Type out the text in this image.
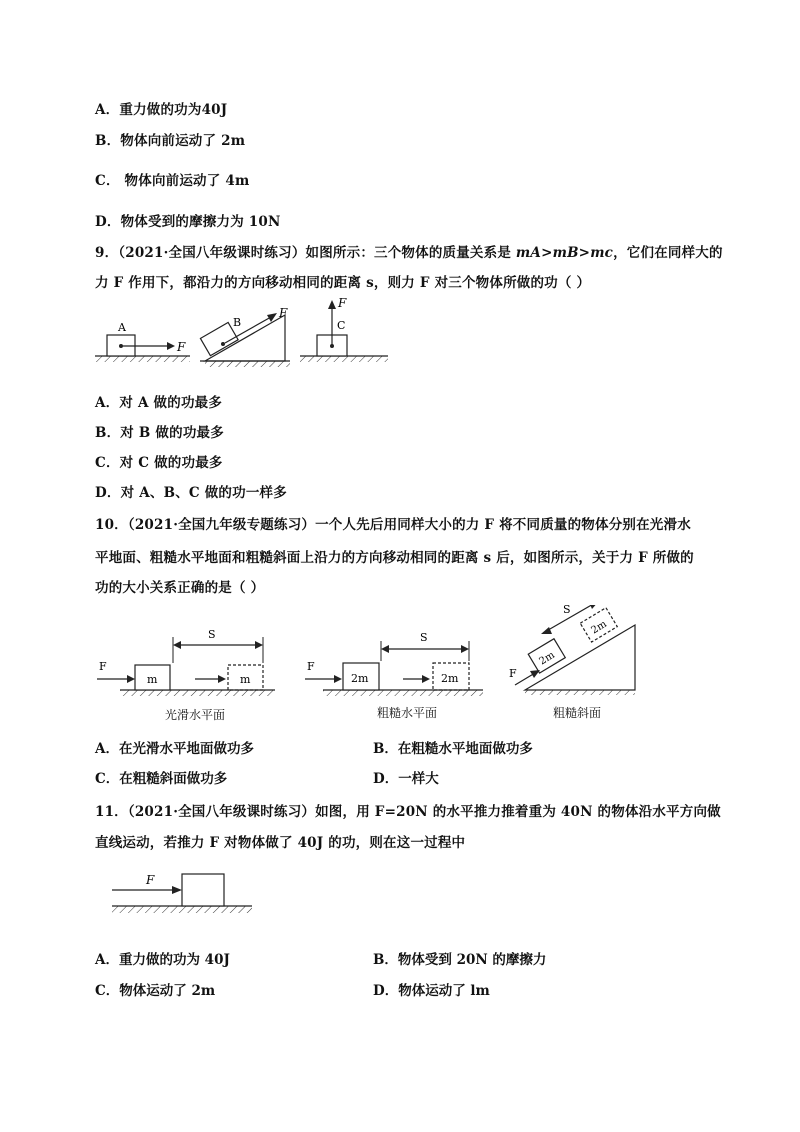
A．重力做的功为40J
B．物体向前运动了 2m
C． 物体向前运动了 4m
D．物体受到的摩擦力为 10N
9．（2021·全国八年级课时练习）如图所示：三个物体的质量关系是 mA>mB>mc，它们在同样大的
力 F 作用下，都沿力的方向移动相同的距离 s，则力 F 对三个物体所做的功（ ）
A
F
B
F
C
F
A．对 A 做的功最多
B．对 B 做的功最多
C．对 C 做的功最多
D．对 A、B、C 做的功一样多
10．（2021·全国九年级专题练习）一个人先后用同样大小的力 F 将不同质量的物体分别在光滑水
平地面、粗糙水平地面和粗糙斜面上沿力的方向移动相同的距离 s 后，如图所示，关于力 F 所做的
功的大小关系正确的是（ ）
m
F
m
S
2m
F
2m
S
2m
2m
F
S
光滑水平面	粗糙水平面	粗糙斜面
A．在光滑水平地面做功多	B．在粗糙水平地面做功多
C．在粗糙斜面做功多	D．一样大
11．（2021·全国八年级课时练习）如图，用 F=20N 的水平推力推着重为 40N 的物体沿水平方向做
直线运动，若推力 F 对物体做了 40J 的功，则在这一过程中
F
A．重力做的功为 40J	B．物体受到 20N 的摩擦力
C．物体运动了 2m	D．物体运动了 lm
